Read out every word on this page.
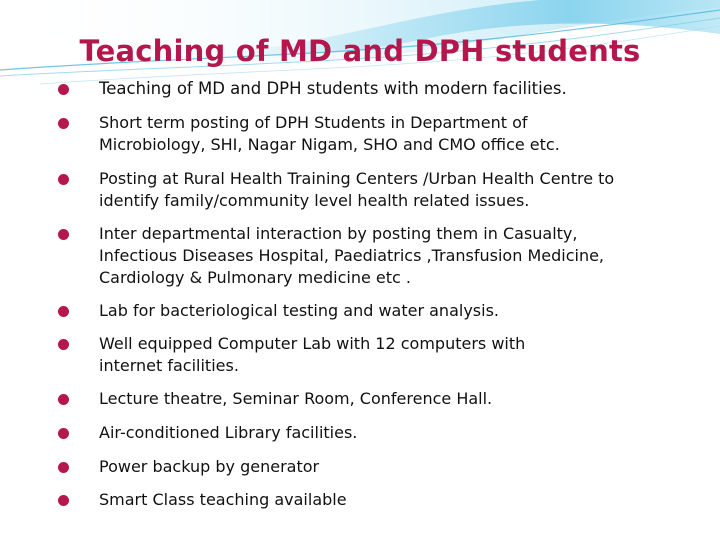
Teaching of MD and DPH students
Teaching of MD and DPH students with modern facilities.
Short term posting of DPH Students in Department of
Microbiology, SHI, Nagar Nigam, SHO and CMO office etc.
Posting at Rural Health Training Centers /Urban Health Centre to
identify family/community level health related issues.
Inter departmental interaction by posting them in Casualty,
Infectious Diseases Hospital, Paediatrics ,Transfusion Medicine,
Cardiology & Pulmonary medicine etc .
Lab for bacteriological testing and water analysis.
Well equipped Computer Lab with 12 computers with
internet facilities.
Lecture theatre, Seminar Room, Conference Hall.
Air-conditioned Library facilities.
Power backup by generator
Smart Class teaching available
